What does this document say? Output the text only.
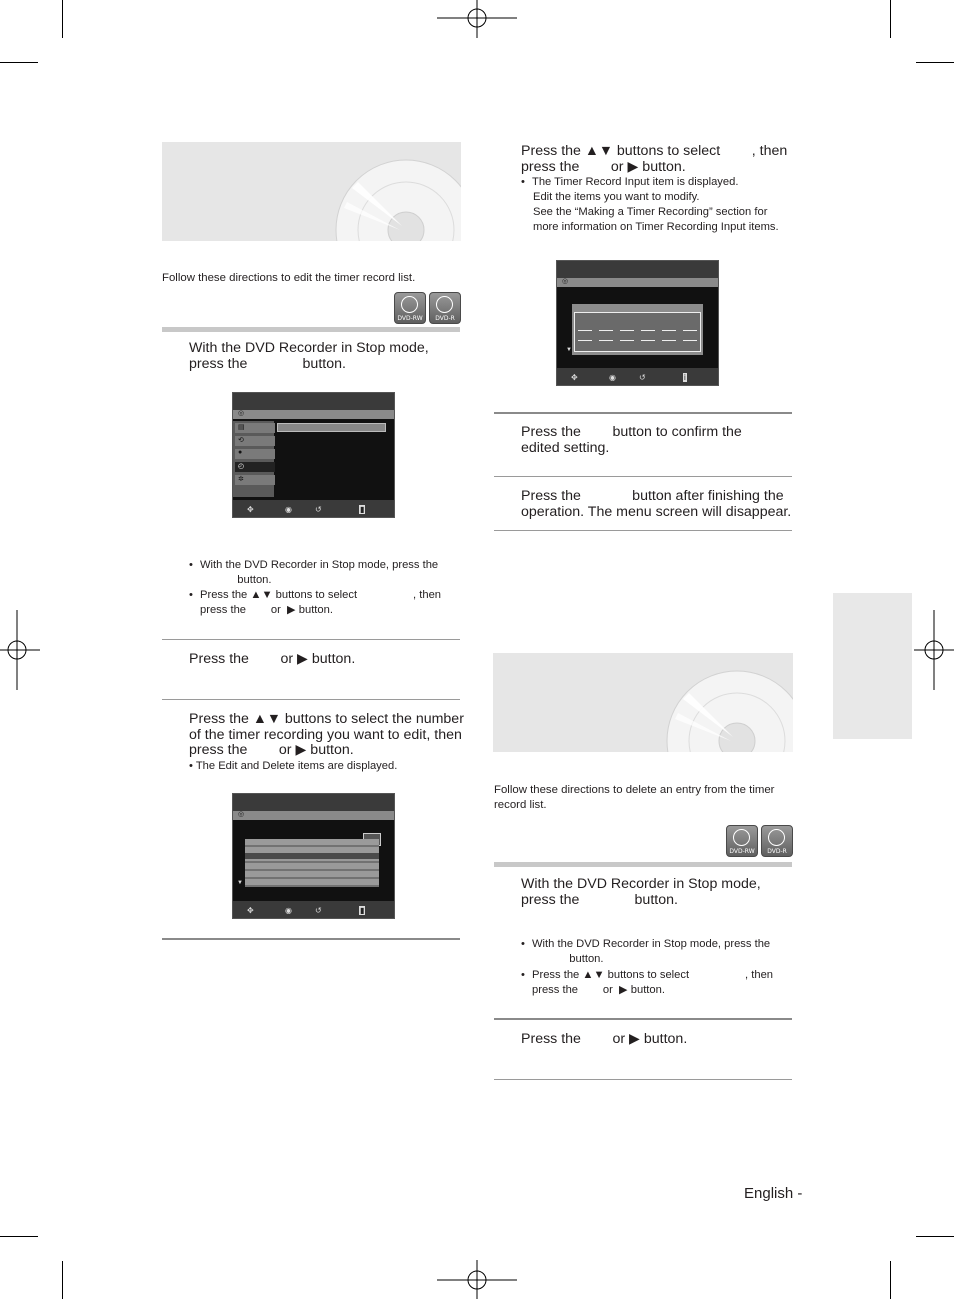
Follow these directions to edit the timer record list.
DVD-RW	DVD-R
With the DVD Recorder in Stop mode,
press the              button.
◎
▤
⟲
●
◴
✲
✥	◉	↺	▮
• With the DVD Recorder in Stop mode, press the
button.
• Press the ▲▼ buttons to select                  , then
press the        or  ▶ button.
Press the        or ▶ button.
Press the ▲▼ buttons to select the number
of the timer recording you want to edit, then
press the        or ▶ button.
• The Edit and Delete items are displayed.
◎
▼
✥	◉	↺	▮
Press the ▲▼ buttons to select        , then
press the        or ▶ button.
• The Timer Record Input item is displayed.
Edit the items you want to modify.
See the “Making a Timer Recording” section for
more information on Timer Recording Input items.
◎
▼
✥	◉	↺	i
Press the        button to confirm the
edited setting.
Press the             button after finishing the
operation. The menu screen will disappear.
Follow these directions to delete an entry from the timer
record list.
DVD-RW	DVD-R
With the DVD Recorder in Stop mode,
press the              button.
• With the DVD Recorder in Stop mode, press the
button.
• Press the ▲▼ buttons to select                  , then
press the        or  ▶ button.
Press the        or ▶ button.
English -
